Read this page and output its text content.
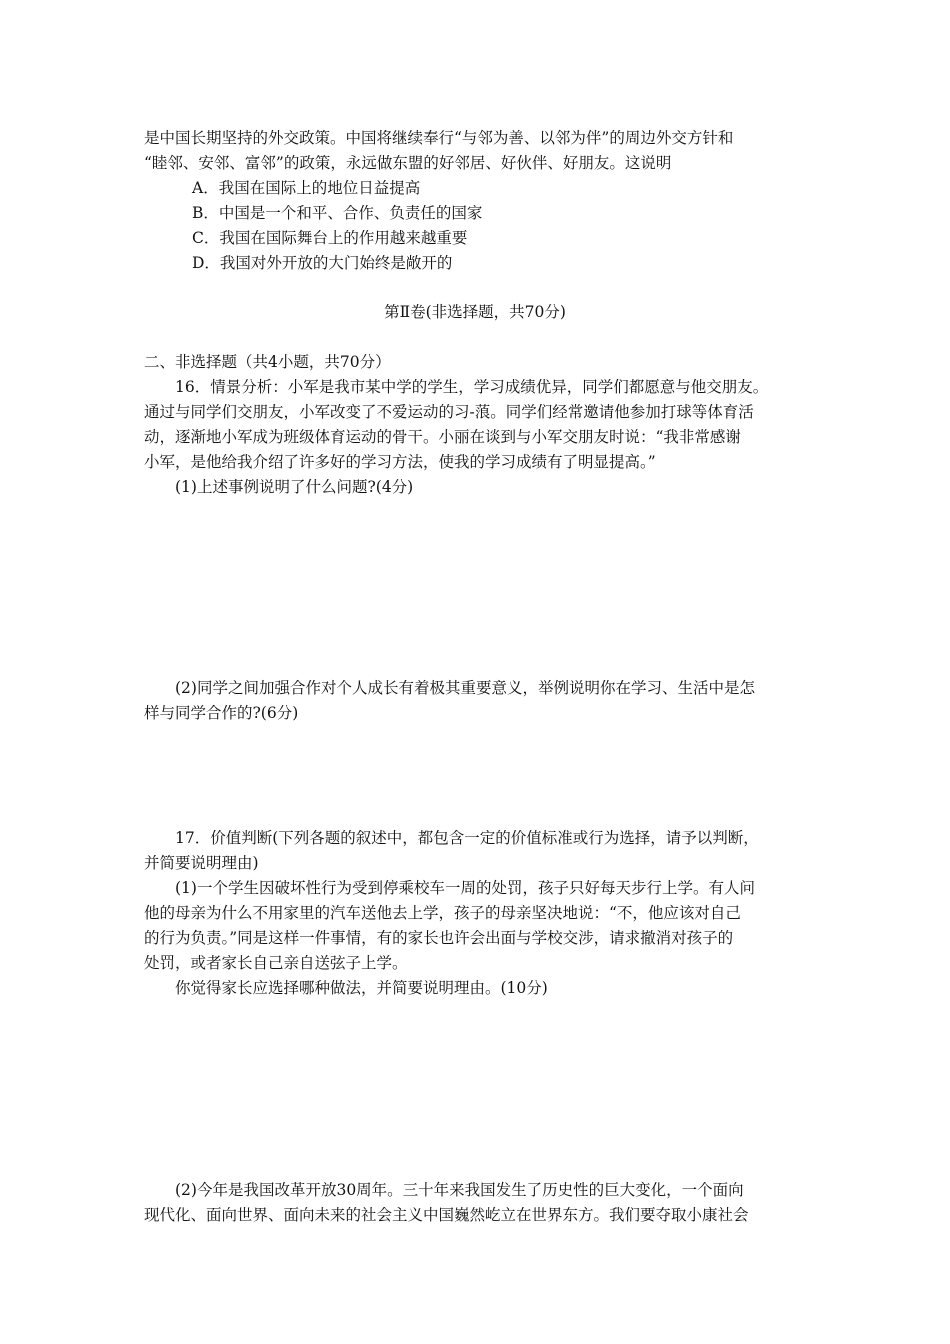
是中国长期坚持的外交政策。中国将继续奉行“与邻为善、以邻为伴”的周边外交方针和
“睦邻、安邻、富邻”的政策，永远做东盟的好邻居、好伙伴、好朋友。这说明
A．我国在国际上的地位日益提高
B．中国是一个和平、合作、负责任的国家
C．我国在国际舞台上的作用越来越重要
D．我国对外开放的大门始终是敞开的
第Ⅱ卷(非选择题，共70分)
二、非选择题（共4小题，共70分）
16．情景分析：小军是我市某中学的学生，学习成绩优异，同学们都愿意与他交朋友。
通过与同学们交朋友，小军改变了不爱运动的习-蒗。同学们经常邀请他参加打球等体育活
动，逐渐地小军成为班级体育运动的骨干。小丽在谈到与小军交朋友时说：“我非常感谢
小军，是他给我介绍了许多好的学习方法，使我的学习成绩有了明显提高。”
(1)上述事例说明了什么问题?(4分)
(2)同学之间加强合作对个人成长有着极其重要意义，举例说明你在学习、生活中是怎
样与同学合作的?(6分)
17．价值判断(下列各题的叙述中，都包含一定的价值标准或行为选择，请予以判断，
并简要说明理由)
(1)一个学生因破坏性行为受到停乘校车一周的处罚，孩子只好每天步行上学。有人问
他的母亲为什么不用家里的汽车送他去上学，孩子的母亲坚决地说：“不，他应该对自己
的行为负责。”同是这样一件事情，有的家长也许会出面与学校交涉，请求撤消对孩子的
处罚，或者家长自己亲自送弦子上学。
你觉得家长应选择哪种做法，并简要说明理由。(10分)
(2)今年是我国改革开放30周年。三十年来我国发生了历史性的巨大变化，一个面向
现代化、面向世界、面向未来的社会主义中国巍然屹立在世界东方。我们要夺取小康社会
